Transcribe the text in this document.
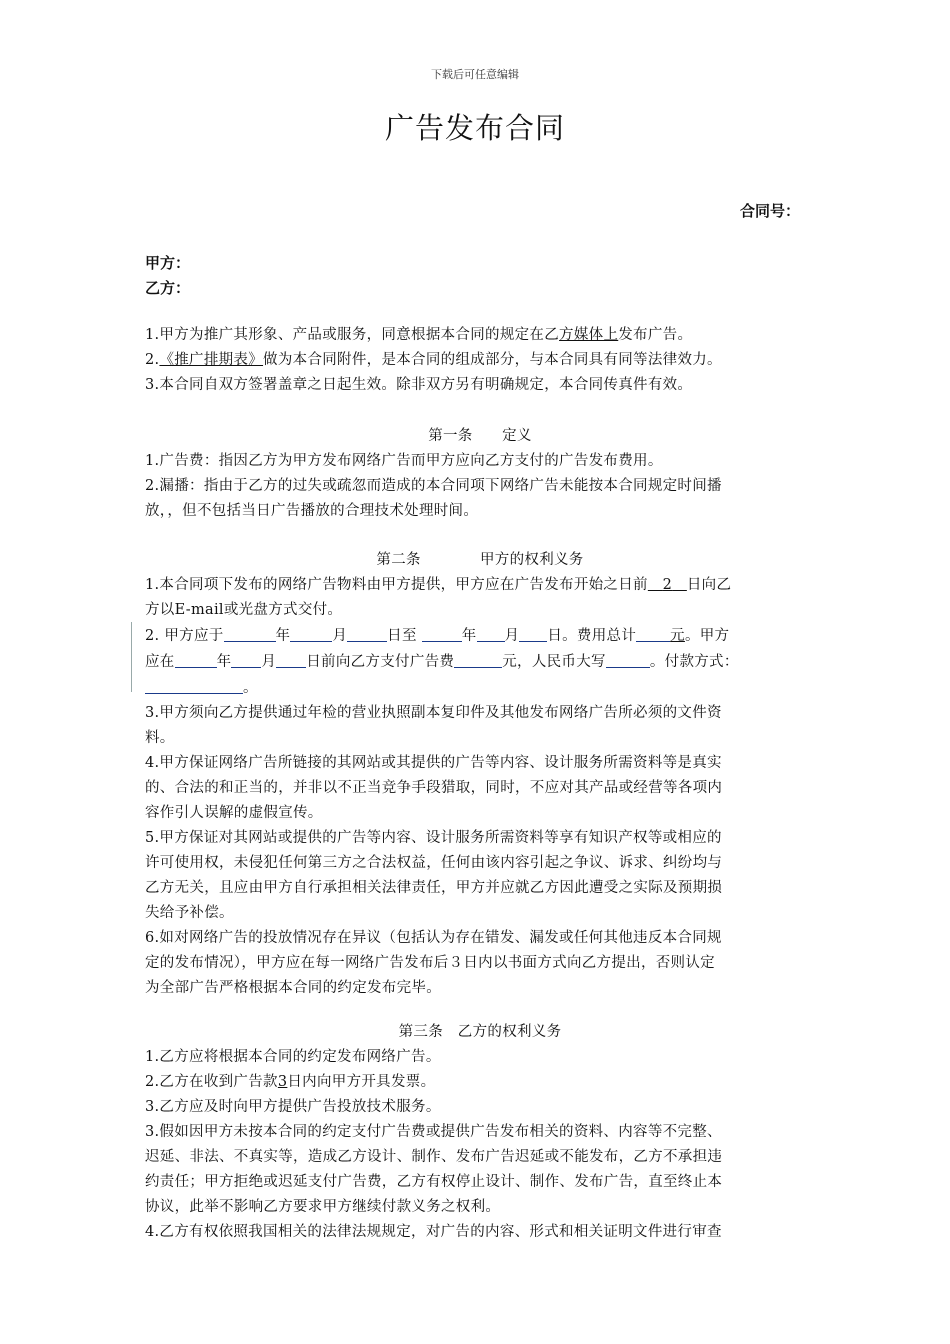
下载后可任意编辑
广告发布合同
合同号：
甲方：
乙方：
1.甲方为推广其形象、产品或服务，同意根据本合同的规定在乙方媒体上发布广告。
2.《推广排期表》做为本合同附件，是本合同的组成部分，与本合同具有同等法律效力。
3.本合同自双方签署盖章之日起生效。除非双方另有明确规定，本合同传真件有效。
第一条　　定义
1.广告费：指因乙方为甲方发布网络广告而甲方应向乙方支付的广告发布费用。
2.漏播：指由于乙方的过失或疏忽而造成的本合同项下网络广告未能按本合同规定时间播
放，，但不包括当日广告播放的合理技术处理时间。
第二条　　　　甲方的权利义务
1.本合同项下发布的网络广告物料由甲方提供，甲方应在广告发布开始之日前 2 日向乙
方以E-mail或光盘方式交付。
2. 甲方应于	年	月	日至	年 月 日。费用总计 元。甲方
应在	年 月 日前向乙方支付广告费	元，人民币大写	。付款方式：
。
3.甲方须向乙方提供通过年检的营业执照副本复印件及其他发布网络广告所必须的文件资
料。
4.甲方保证网络广告所链接的其网站或其提供的广告等内容、设计服务所需资料等是真实
的、合法的和正当的，并非以不正当竞争手段猎取，同时，不应对其产品或经营等各项内
容作引人误解的虚假宣传。
5.甲方保证对其网站或提供的广告等内容、设计服务所需资料等享有知识产权等或相应的
许可使用权，未侵犯任何第三方之合法权益，任何由该内容引起之争议、诉求、纠纷均与
乙方无关，且应由甲方自行承担相关法律责任，甲方并应就乙方因此遭受之实际及预期损
失给予补偿。
6.如对网络广告的投放情况存在异议（包括认为存在错发、漏发或任何其他违反本合同规
定的发布情况），甲方应在每一网络广告发布后３日内以书面方式向乙方提出，否则认定
为全部广告严格根据本合同的约定发布完毕。
第三条　乙方的权利义务
1.乙方应将根据本合同的约定发布网络广告。
2.乙方在收到广告款3日内向甲方开具发票。
3.乙方应及时向甲方提供广告投放技术服务。
3.假如因甲方未按本合同的约定支付广告费或提供广告发布相关的资料、内容等不完整、
迟延、非法、不真实等，造成乙方设计、制作、发布广告迟延或不能发布，乙方不承担违
约责任；甲方拒绝或迟延支付广告费，乙方有权停止设计、制作、发布广告，直至终止本
协议，此举不影响乙方要求甲方继续付款义务之权利。
4.乙方有权依照我国相关的法律法规规定，对广告的内容、形式和相关证明文件进行审查
